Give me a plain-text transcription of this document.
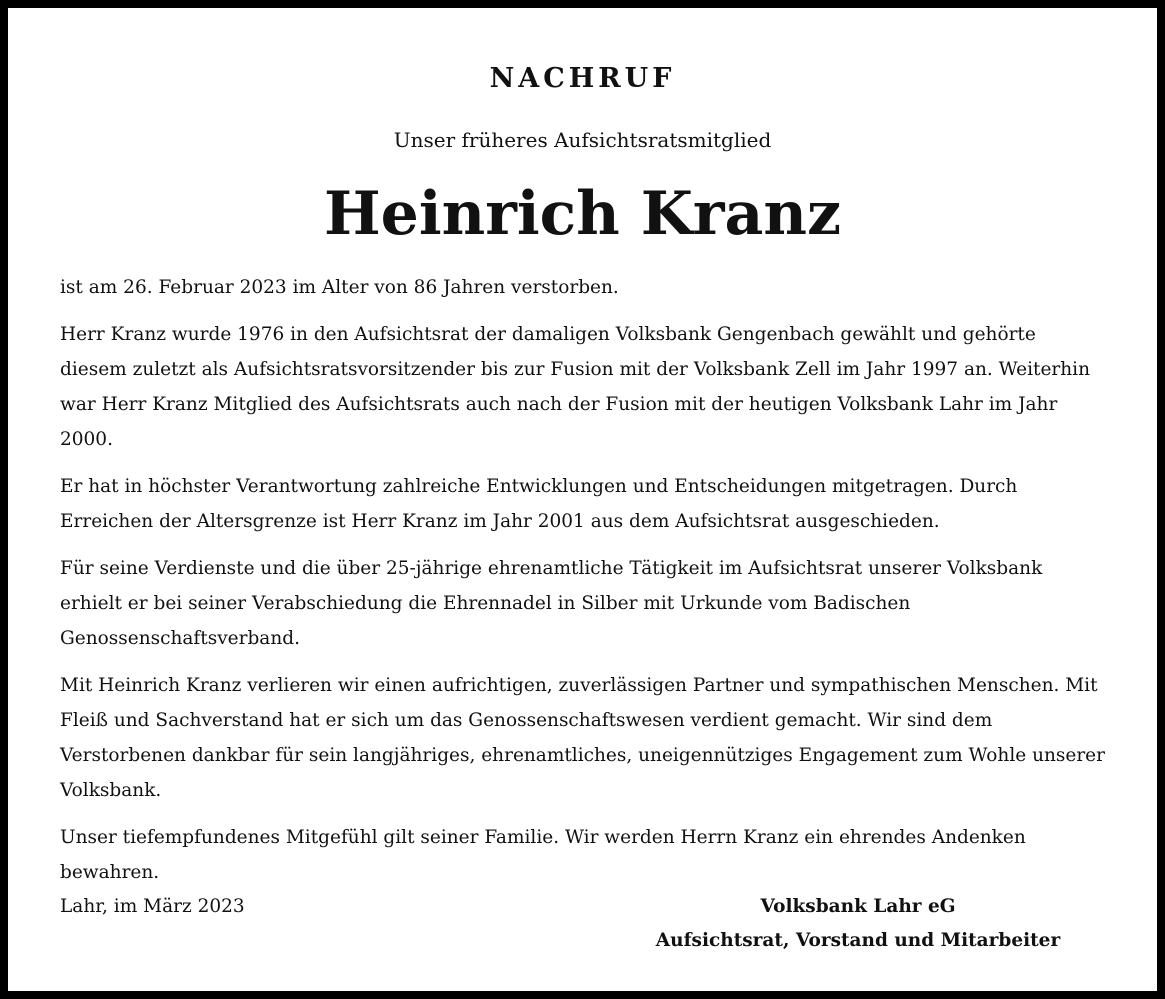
NACHRUF
Unser früheres Aufsichtsratsmitglied
Heinrich Kranz

ist am 26. Februar 2023 im Alter von 86 Jahren verstorben.

Herr Kranz wurde 1976 in den Aufsichtsrat der damaligen Volksbank Gengenbach gewählt und gehörte diesem zuletzt als Aufsichtsratsvorsitzender bis zur Fusion mit der Volksbank Zell im Jahr 1997 an. Weiterhin war Herr Kranz Mitglied des Aufsichtsrats auch nach der Fusion mit der heutigen Volksbank Lahr im Jahr 2000.

Er hat in höchster Verantwortung zahlreiche Entwicklungen und Entscheidungen mitgetragen. Durch Erreichen der Altersgrenze ist Herr Kranz im Jahr 2001 aus dem Aufsichtsrat ausgeschieden.

Für seine Verdienste und die über 25-jährige ehrenamtliche Tätigkeit im Aufsichtsrat unserer Volksbank erhielt er bei seiner Verabschiedung die Ehrennadel in Silber mit Urkunde vom Badischen Genossenschaftsverband.

Mit Heinrich Kranz verlieren wir einen aufrichtigen, zuverlässigen Partner und sympathischen Menschen. Mit Fleiß und Sachverstand hat er sich um das Genossenschaftswesen verdient gemacht. Wir sind dem Verstorbenen dankbar für sein langjähriges, ehrenamtliches, uneigennütziges Engagement zum Wohle unserer Volksbank.

Unser tiefempfundenes Mitgefühl gilt seiner Familie. Wir werden Herrn Kranz ein ehrendes Andenken bewahren.

Lahr, im März 2023	Volksbank Lahr eG
Aufsichtsrat, Vorstand und Mitarbeiter
